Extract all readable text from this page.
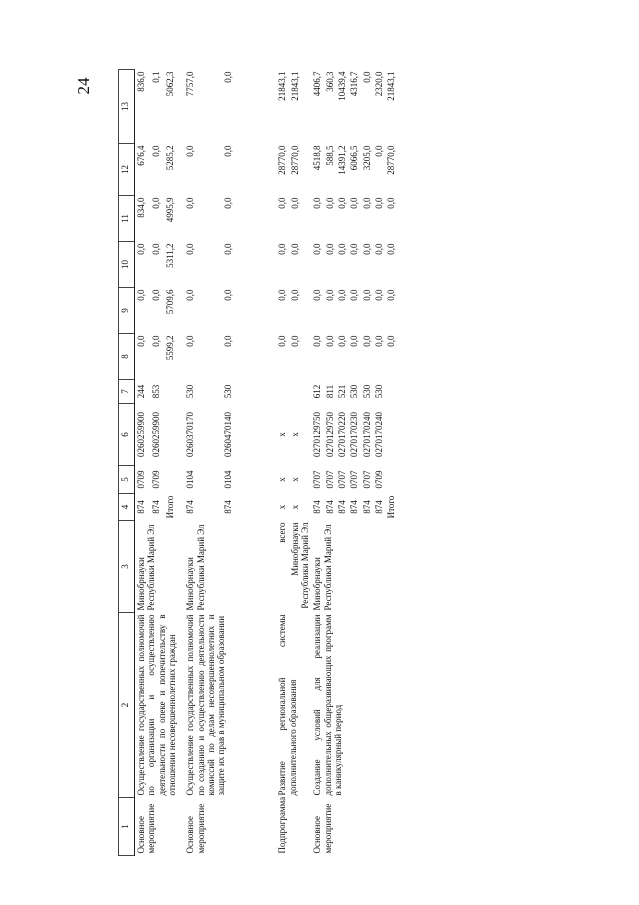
24
1	2	3	4	5	6	7	8	9	10	11	12	13
Основное мероприятие	Осуществление государственных полномочий по организации и осуществлению деятельности по опеке и попечительству в отношении несовершеннолетних граждан	Минобрнауки Республики Марий Эл	874	0709	0260259900	244	0,0	0,0	0,0	834,0	676,4	836,0
			874	0709	0260259900	853	0,0	0,0	0,0	0,0	0,0	0,1
			Итого				5599,2	5709,6	5311,2	4995,9	5285,2	5062,3

Основное мероприятие	Осуществление государственных полномочий по созданию и осуществлению деятельности комиссий по делам несовершеннолетних и защите их прав в муниципальном образовании	Минобрнауки Республики Марий Эл	874	0104	0260370170	530	0,0	0,0	0,0	0,0	0,0	7757,0
			874	0104	0260470140	530	0,0	0,0	0,0	0,0	0,0	0,0
Подпрограмма	Развитие региональной системы дополнительного образования	всего	x	x	x		0,0	0,0	0,0	0,0	28770,0	21843,1
		Минобрнауки Республики Марий Эл	x	x	x		0,0	0,0	0,0	0,0	28770,0	21843,1
Основное мероприятие	Создание условий для реализации дополнительных общеразвивающих программ в каникулярный период	Минобрнауки Республики Марий Эл	874	0707	0270129750	612	0,0	0,0	0,0	0,0	4518,8	4406,7
			874	0707	0270129750	811	0,0	0,0	0,0	0,0	588,5	360,3
			874	0707	0270170220	521	0,0	0,0	0,0	0,0	14391,2	10439,4
			874	0707	0270170230	530	0,0	0,0	0,0	0,0	6066,5	4316,7
			874	0707	0270170240	530	0,0	0,0	0,0	0,0	3205,0	0,0
			874	0709	0270170240	530	0,0	0,0	0,0	0,0	0,0	2320,0
			Итого				0,0	0,0	0,0	0,0	28770,0	21843,1
